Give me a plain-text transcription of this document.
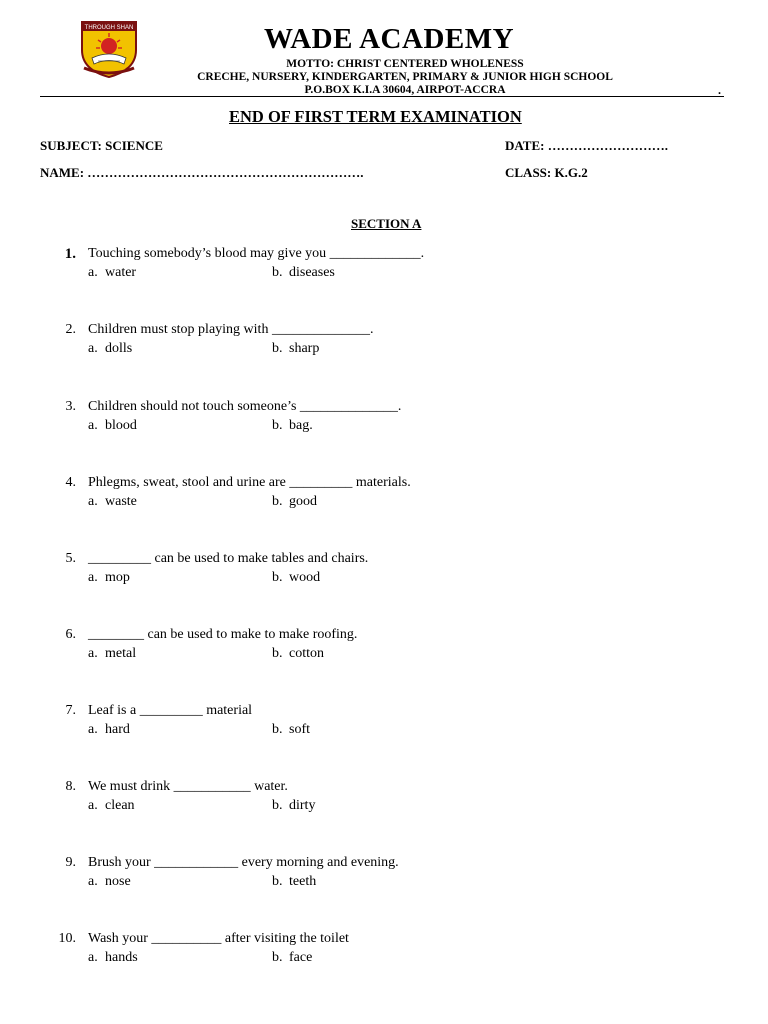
THROUGH SHAN	WADE ACADEMY
MOTTO: CHRIST CENTERED WHOLENESS
CRECHE, NURSERY, KINDERGARTEN, PRIMARY & JUNIOR HIGH SCHOOL
P.O.BOX K.I.A 30604, AIRPOT-ACCRA	.
END OF FIRST TERM EXAMINATION
SUBJECT: SCIENCE	DATE: ……………………….
NAME: ……………………………………………………….	CLASS: K.G.2
SECTION A
1. Touching somebody’s blood may give you _____________.
a. water	b. diseases
2. Children must stop playing with ______________.
a. dolls	b. sharp
3. Children should not touch someone’s ______________.
a. blood	b. bag.
4. Phlegms, sweat, stool and urine are _________ materials.
a. waste	b. good
5. _________ can be used to make tables and chairs.
a. mop	b. wood
6. ________ can be used to make to make roofing.
a. metal	b. cotton
7. Leaf is a _________ material
a. hard	b. soft
8. We must drink ___________ water.
a. clean	b. dirty
9. Brush your ____________ every morning and evening.
a. nose	b. teeth
10. Wash your __________ after visiting the toilet
a. hands	b. face
